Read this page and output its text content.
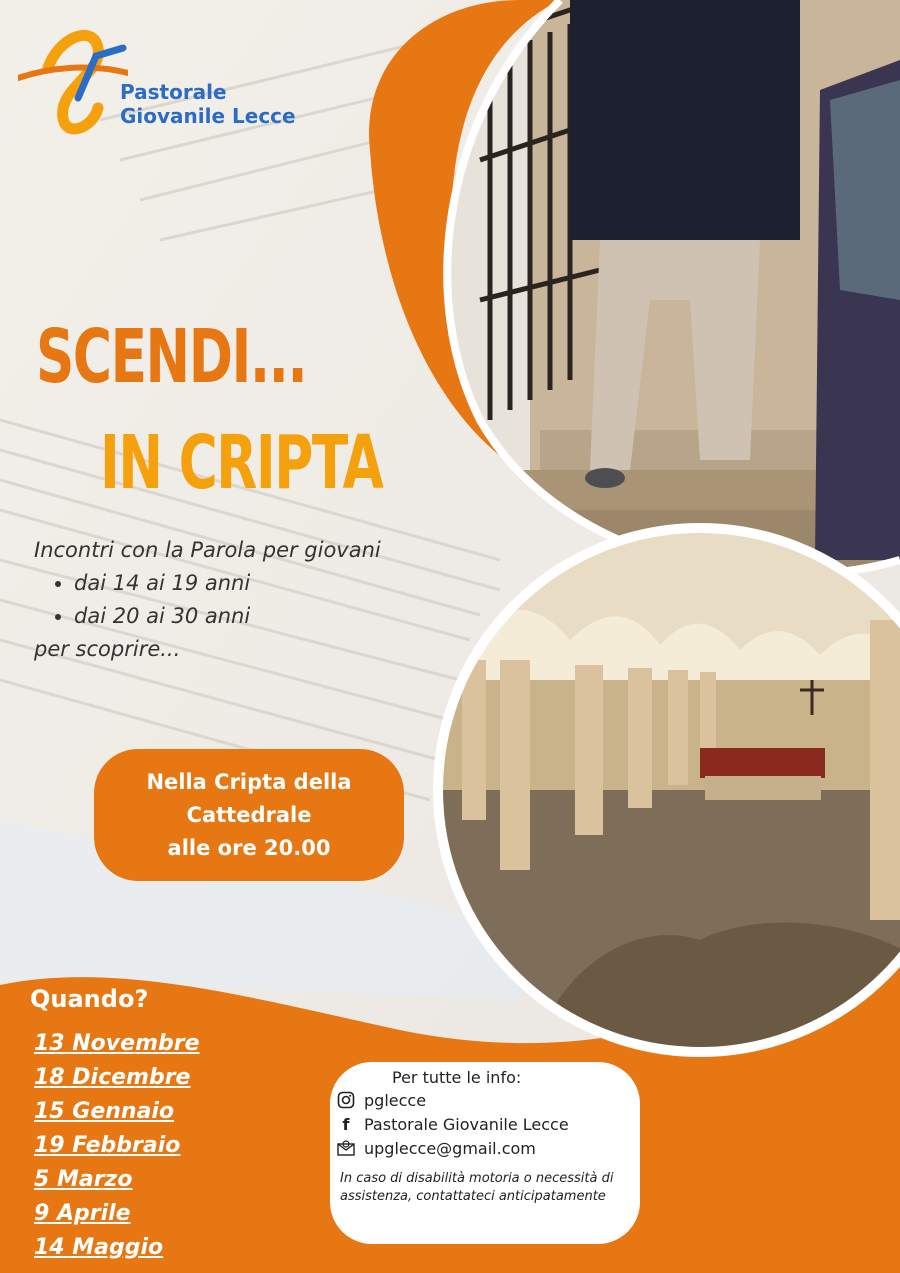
Pastorale
Giovanile Lecce
SCENDI...
IN CRIPTA
Incontri con la Parola per giovani
• dai 14 ai 19 anni
• dai 20 ai 30 anni
per scoprire...
Nella Cripta della
Cattedrale
alle ore 20.00
Quando?
13 Novembre
18 Dicembre
15 Gennaio
19 Febbraio
5 Marzo
9 Aprile
14 Maggio
Per tutte le info:
pglecce
f Pastorale Giovanile Lecce
upglecce@gmail.com
In caso di disabilità motoria o necessità di assistenza, contattateci anticipatamente
